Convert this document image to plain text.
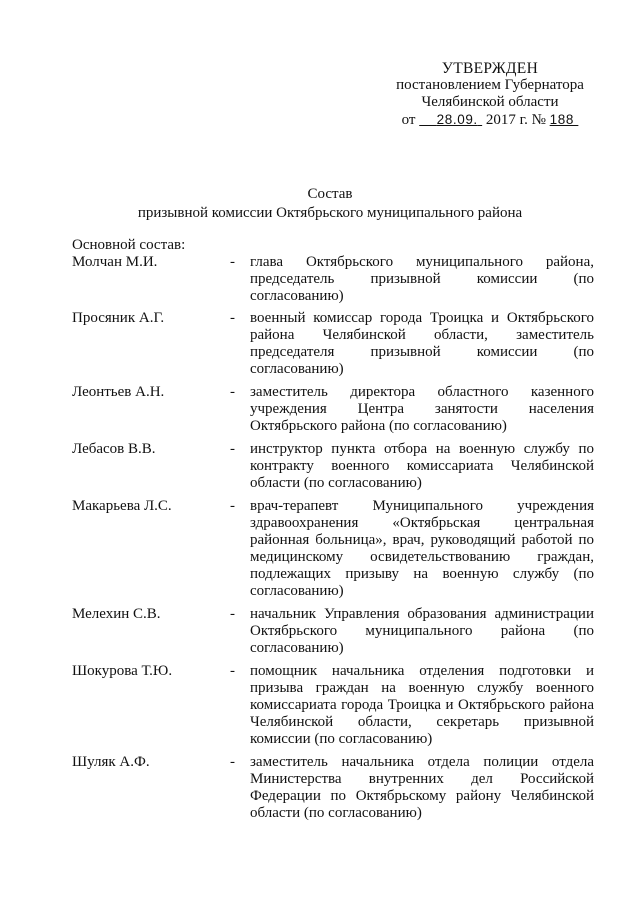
УТВЕРЖДЕН
постановлением Губернатора
Челябинской области
от 28.09. 2017 г. № 188
Состав
призывной комиссии Октябрьского муниципального района
Основной состав:
Молчан М.И.	- глава Октябрьского муниципального района, председатель призывной комиссии (по согласованию)
Просяник А.Г.	- военный комиссар города Троицка и Октябрьского района Челябинской области, заместитель председателя призывной комиссии (по согласованию)
Леонтьев А.Н.	- заместитель директора областного казенного учреждения Центра занятости населения Октябрьского района (по согласованию)
Лебасов В.В.	- инструктор пункта отбора на военную службу по контракту военного комиссариата Челябинской области (по согласованию)
Макарьева Л.С.	- врач-терапевт Муниципального учреждения здравоохранения «Октябрьская центральная районная больница», врач, руководящий работой по медицинскому освидетельствованию граждан, подлежащих призыву на военную службу (по согласованию)
Мелехин С.В.	- начальник Управления образования администрации Октябрьского муниципального района (по согласованию)
Шокурова Т.Ю.	- помощник начальника отделения подготовки и призыва граждан на военную службу военного комиссариата города Троицка и Октябрьского района Челябинской области, секретарь призывной комиссии (по согласованию)
Шуляк А.Ф.	- заместитель начальника отдела полиции отдела Министерства внутренних дел Российской Федерации по Октябрьскому району Челябинской области (по согласованию)
